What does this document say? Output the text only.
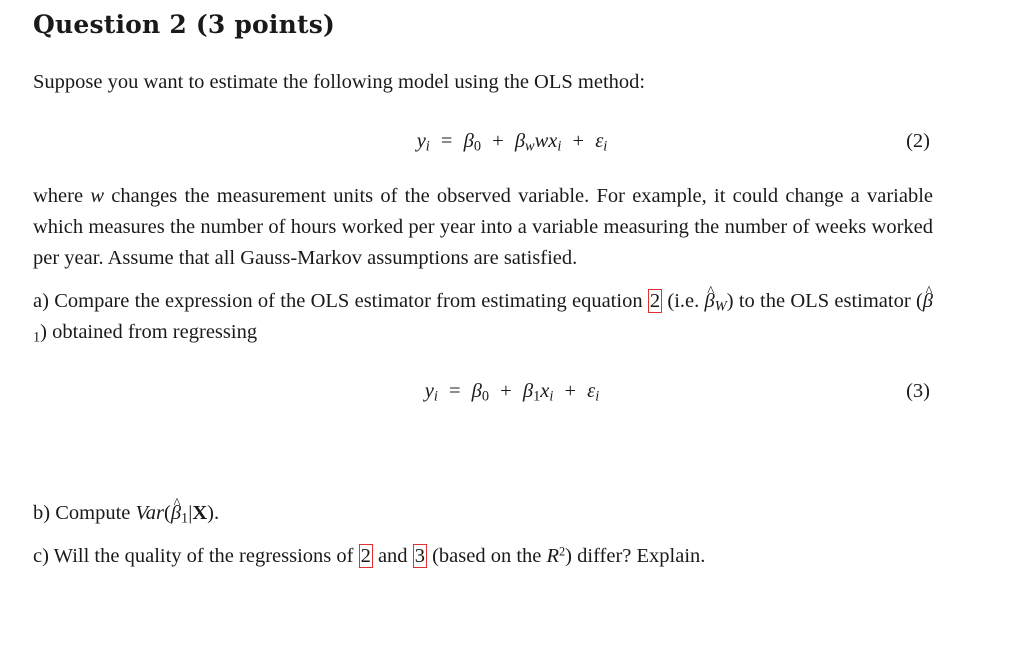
Question 2 (3 points)
Suppose you want to estimate the following model using the OLS method:
$y_i = \beta_0 + \beta_wwx_i + \varepsilon_i$	(2)
where w changes the measurement units of the observed variable. For example, it could change a variable which measures the number of hours worked per year into a variable measuring the number of weeks worked per year. Assume that all Gauss-Markov assumptions are satisfied.
a) Compare the expression of the OLS estimator from estimating equation 2 (i.e. ^ $\beta_W$) to the OLS estimator (^ $\beta_1$) obtained from regressing
$y_i = \beta_0 + \beta_1x_i + \varepsilon_i$	(3)
b) Compute Var(^ $\beta_1|X$).
c) Will the quality of the regressions of 2 and 3 (based on the $R^2$) differ? Explain.
